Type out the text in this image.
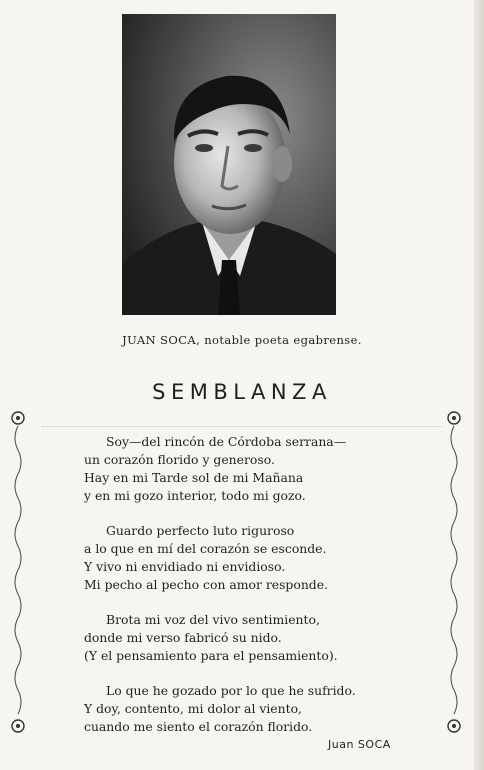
JUAN SOCA, notable poeta egabrense.
SEMBLANZA
Soy—del rincón de Córdoba serrana—
un corazón florido y generoso.
Hay en mi Tarde sol de mi Mañana
y en mi gozo interior, todo mi gozo.
Guardo perfecto luto riguroso
a lo que en mí del corazón se esconde.
Y vivo ni envidiado ni envidioso.
Mi pecho al pecho con amor responde.
Brota mi voz del vivo sentimiento,
donde mi verso fabricó su nido.
(Y el pensamiento para el pensamiento).
Lo que he gozado por lo que he sufrido.
Y doy, contento, mi dolor al viento,
cuando me siento el corazón florido.
Juan SOCA
